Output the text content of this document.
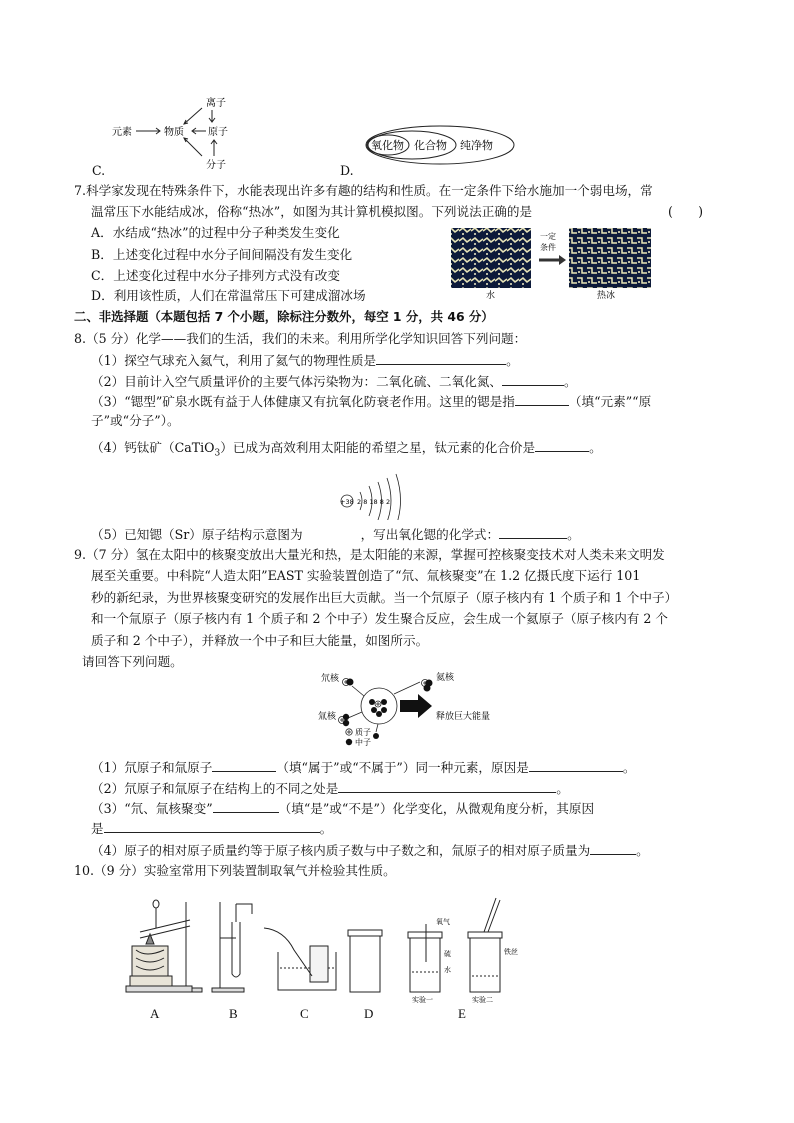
离子
元素	物质 原子
分子
C.
氧化物 化合物 纯净物
D.
7.科学家发现在特殊条件下，水能表现出许多有趣的结构和性质。在一定条件下给水施加一个弱电场，常
温常压下水能结成冰，俗称“热冰”，如图为其计算机模拟图。下列说法正确的是	(　　)
A．水结成“热冰”的过程中分子种类发生变化
B．上述变化过程中水分子间间隔没有发生变化
C．上述变化过程中水分子排列方式没有改变
D．利用该性质，人们在常温常压下可建成溜冰场
一定
条件
水	热冰
二、非选择题（本题包括 7 个小题，除标注分数外，每空 1 分，共 46 分）
8.（5 分）化学——我们的生活，我们的未来。利用所学化学知识回答下列问题：
（1）探空气球充入氦气，利用了氦气的物理性质是	。
（2）目前计入空气质量评价的主要气体污染物为：二氧化硫、二氧化氮、	。
（3）“锶型”矿泉水既有益于人体健康又有抗氧化防衰老作用。这里的锶是指	（填“元素”“原
子”或“分子”）。
（4）钙钛矿（CaTiO$_3$）已成为高效利用太阳能的希望之星，钛元素的化合价是	。
+38 2 8 18 8 2
（5）已知锶（Sr）原子结构示意图为	，写出氧化锶的化学式：	。
9.（7 分）氢在太阳中的核聚变放出大量光和热，是太阳能的来源，掌握可控核聚变技术对人类未来文明发
展至关重要。中科院“人造太阳”EAST 实验装置创造了“氘、氚核聚变”在 1.2 亿摄氏度下运行 101
秒的新纪录，为世界核聚变研究的发展作出巨大贡献。当一个氘原子（原子核内有 1 个质子和 1 个中子）
和一个氚原子（原子核内有 1 个质子和 2 个中子）发生聚合反应，会生成一个氦原子（原子核内有 2 个
质子和 2 个中子），并释放一个中子和巨大能量，如图所示。
请回答下列问题。
氘核
氚核
氦核
释放巨大能量
质子
中子
（1）氘原子和氚原子	（填“属于”或“不属于”）同一种元素，原因是	。
（2）氘原子和氚原子在结构上的不同之处是	。
（3）“氘、氚核聚变”	（填“是”或“不是”）化学变化，从微观角度分析，其原因
是	。
（4）原子的相对原子质量约等于原子核内质子数与中子数之和，氚原子的相对原子质量为	。
10.（9 分）实验室常用下列装置制取氧气并检验其性质。
氧气
硫
水
铁丝
实验一	实验二
A	B	C	D	E
